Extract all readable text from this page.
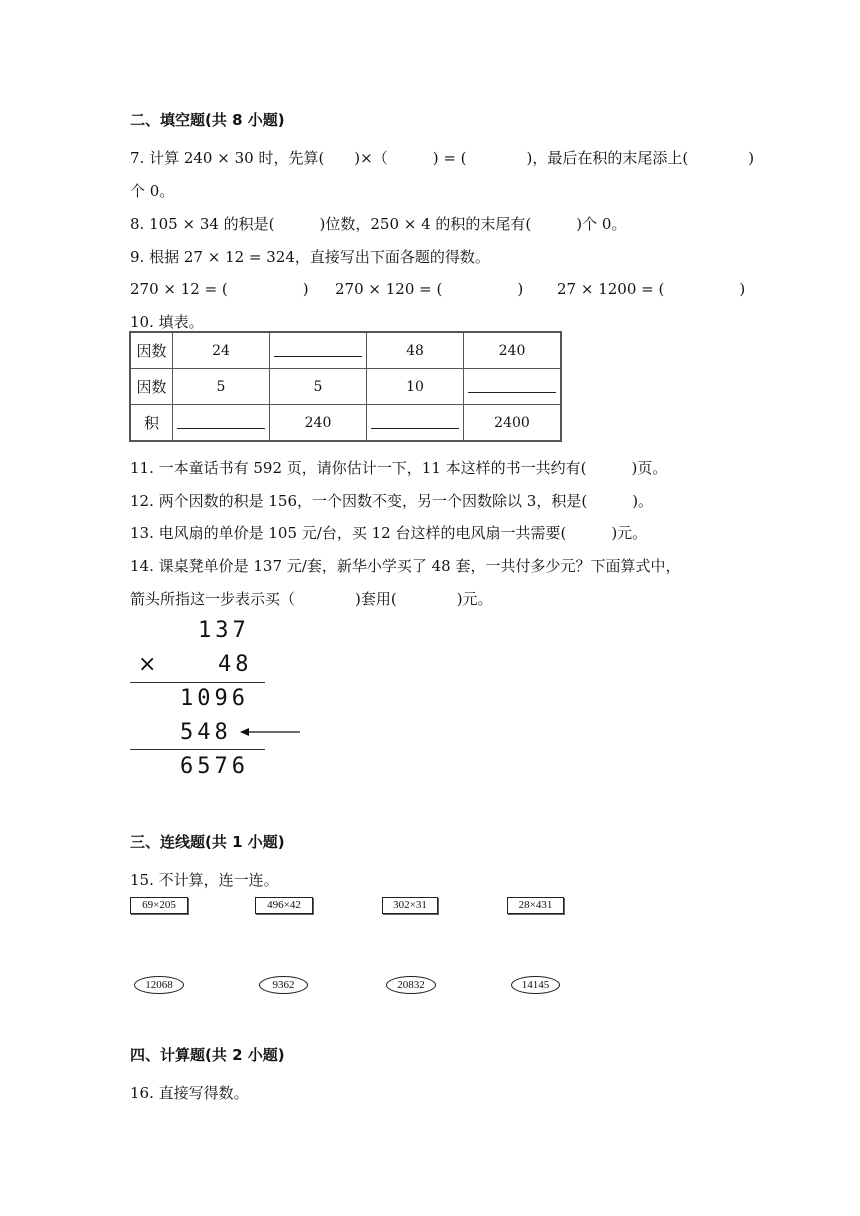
二、填空题(共 8 小题)
7. 计算 240 × 30 时，先算(　　)×（　　　) = (　　　　)，最后在积的末尾添上(　　　　)
个 0。
8. 105 × 34 的积是(　　　)位数，250 × 4 的积的末尾有(　　　)个 0。
9. 根据 27 × 12 = 324，直接写出下面各题的得数。
270 × 12 = (　　　　　) 270 × 120 = (　　　　　) 27 × 1200 = (　　　　　)
10. 填表。
因数	24		48	240
因数	5	5	10	
积		240		2400
11. 一本童话书有 592 页，请你估计一下，11 本这样的书一共约有(　　　)页。
12. 两个因数的积是 156，一个因数不变，另一个因数除以 3，积是(　　　)。
13. 电风扇的单价是 105 元/台，买 12 台这样的电风扇一共需要(　　　)元。
14. 课桌凳单价是 137 元/套，新华小学买了 48 套，一共付多少元？下面算式中，
箭头所指这一步表示买（　　　　)套用(　　　　)元。
137
×	48
1096
548
6576
三、连线题(共 1 小题)
15. 不计算，连一连。
69×205	496×42	302×31	28×431
12068	9362	20832	14145
四、计算题(共 2 小题)
16. 直接写得数。
